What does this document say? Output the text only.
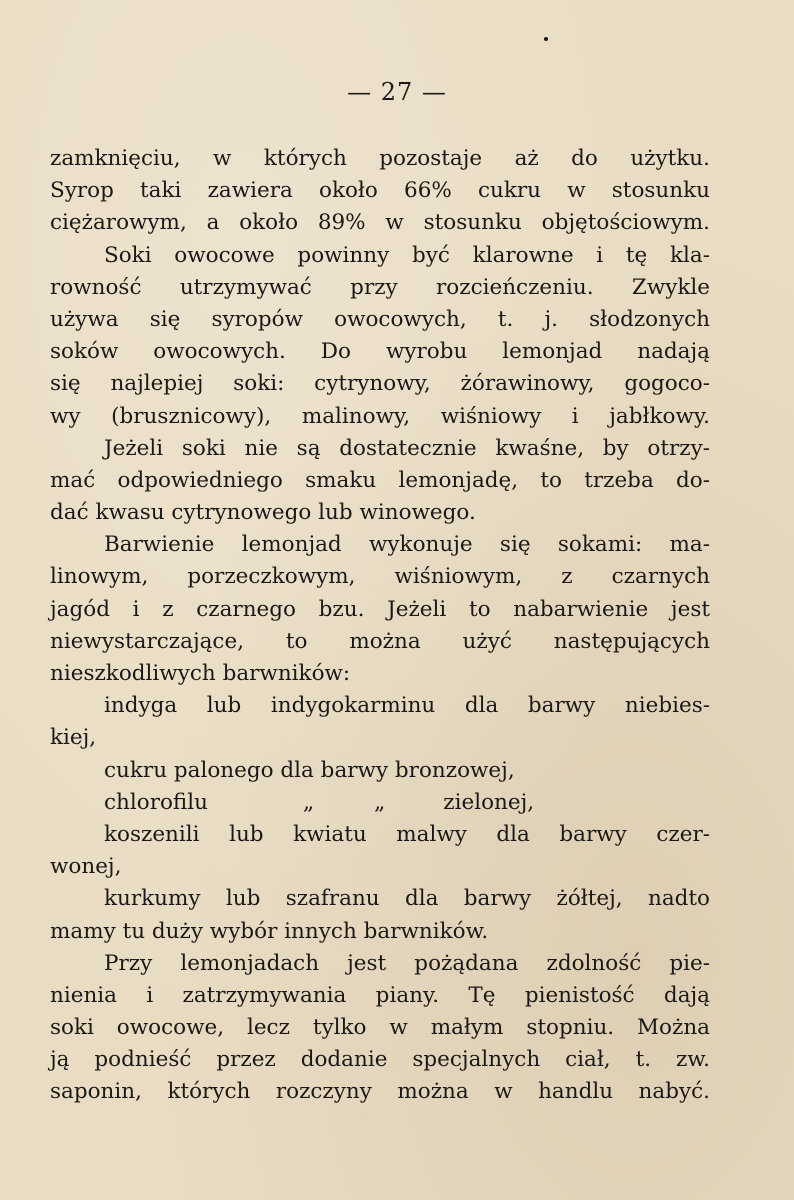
— 27 —
zamknięciu, w których pozostaje aż do użytku.
Syrop taki zawiera około 66% cukru w stosunku
ciężarowym, a około 89% w stosunku objętościowym.
Soki owocowe powinny być klarowne i tę kla-
rowność utrzymywać przy rozcieńczeniu. Zwykle
używa się syropów owocowych, t. j. słodzonych
soków owocowych. Do wyrobu lemonjad nadają
się najlepiej soki: cytrynowy, żórawinowy, gogoco-
wy (brusznicowy), malinowy, wiśniowy i jabłkowy.
Jeżeli soki nie są dostatecznie kwaśne, by otrzy-
mać odpowiedniego smaku lemonjadę, to trzeba do-
dać kwasu cytrynowego lub winowego.
Barwienie lemonjad wykonuje się sokami: ma-
linowym, porzeczkowym, wiśniowym, z czarnych
jagód i z czarnego bzu. Jeżeli to nabarwienie jest
niewystarczające, to można użyć następujących
nieszkodliwych barwników:
indyga lub indygokarminu dla barwy niebies-
kiej,
cukru palonego dla barwy bronzowej,
chlorofilu	„	„	zielonej,
koszenili lub kwiatu malwy dla barwy czer-
wonej,
kurkumy lub szafranu dla barwy żółtej, nadto
mamy tu duży wybór innych barwników.
Przy lemonjadach jest pożądana zdolność pie-
nienia i zatrzymywania piany. Tę pienistość dają
soki owocowe, lecz tylko w małym stopniu. Można
ją podnieść przez dodanie specjalnych ciał, t. zw.
saponin, których rozczyny można w handlu nabyć.
